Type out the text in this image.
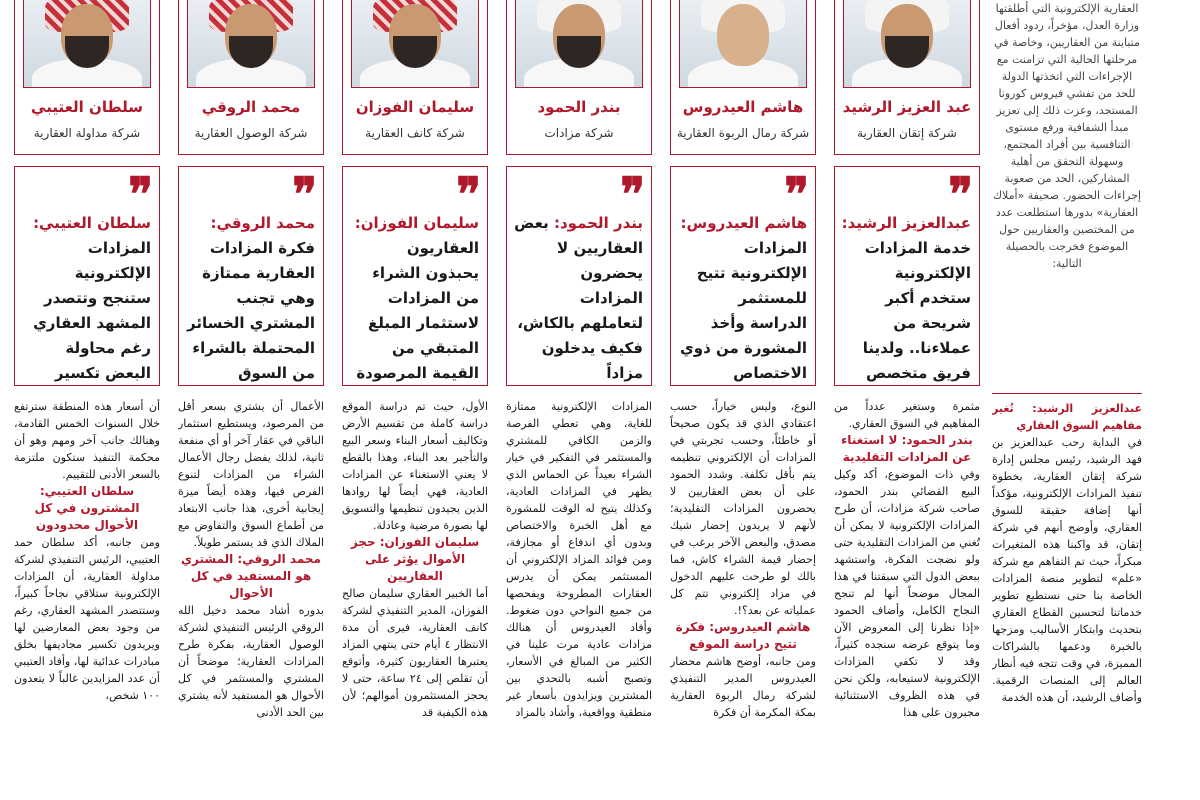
العقارية الإلكترونية التي أطلقتها وزارة العدل، مؤخراً، ردود أفعال متباينة من العقاريين، وخاصة في مرحلتها الحالية التي تزامنت مع الإجراءات التي اتخذتها الدولة للحد من تفشي فيروس كورونا المستجد، وعزت ذلك إلى تعزيز مبدأ الشفافية ورفع مستوى التنافسية بين أفراد المجتمع، وسهولة التحقق من أهلية المشاركين، الحد من صعوبة إجراءات الحضور. صحيفة «أملاك العقارية» بدورها استطلعت عدد من المختصين والعقاريين حول الموضوع فخرجت بالحصيلة التالية:
عبدالعزيز الرشيد: تُغير مفاهيم السوق العقاري
في البداية رحب عبدالعزيز بن فهد الرشيد، رئيس مجلس إدارة شركة إتقان العقارية، بخطوة تنفيذ المزادات الإلكترونية، مؤكداً أنها إضافة حقيقة للسوق العقاري، وأوضح أنهم في شركة إتقان، قد واكبنا هذه المتغيرات مبكراً، حيث تم التفاهم مع شركة «علم» لتطوير منصة المزادات الخاصة بنا حتى نستطيع تطوير خدماتنا لتحسين القطاع العقاري بتحديث وابتكار الأساليب ومزجها بالخبرة ودعمها بالشراكات المميزة، في وقت تتجه فيه أنظار العالم إلى المنصات الرقمية. وأضاف الرشيد، أن هذه الخدمة
عبد العزيز الرشيد
شركة إتقان العقارية
هاشم العيدروس
شركة رمال الربوة العقارية
بندر الحمود
شركة مزادات
سليمان الفوزان
شركة كانف العقارية
محمد الروقي
شركة الوصول العقارية
سلطان العتيبي
شركة مداولة العقارية
❞
عبدالعزيز الرشيد: خدمة المزادات الإلكترونية ستخدم أكبر شريحة من عملاءنا.. ولدينا فريق متخصص
❞
هاشم العيدروس: المزادات الإلكترونية تتيح للمستثمر الدراسة وأخذ المشورة من ذوي الاختصاص
❞
بندر الحمود: بعض العقاريين لا يحضرون المزادات لتعاملهم بالكاش، فكيف يدخلون مزاداً
❞
سليمان الفوزان: العقاريون يحبذون الشراء من المزادات لاستثمار المبلغ المتبقي من القيمة المرصودة
❞
محمد الروقي: فكرة المزادات العقارية ممتازة وهي تجنب المشتري الخسائر المحتملة بالشراء من السوق
❞
سلطان العتيبي: المزادات الإلكترونية ستنجح وتتصدر المشهد العقاري رغم محاولة البعض تكسير
مثمرة وستغير عدداً من المفاهيم في السوق العقاري.
بندر الحمود: لا استغناء عن المزادات التقليدية
وفي ذات الموضوع، أكد وكيل البيع القضائي بندر الحمود، صاحب شركة مزادات، أن طرح المزادات الإلكترونية لا يمكن أن تُغني من المزادات التقليدية حتى ولو نضجت الفكرة، واستشهد ببعض الدول التي سبقتنا في هذا المجال موضحاً أنها لم تنجح النجاح الكامل، وأضاف الحمود «إذا نظرنا إلى المعروض الآن وما يتوقع عرضه سنجده كثيراً، وقد لا تكفي المزادات الإلكترونية لاستيعابه، ولكن نحن في هذه الظروف الاستثنائية مجبرون على هذا
النوع، وليس خياراً، حسب اعتقادي الذي قد يكون صحيحاً أو خاطئاً، وحسب تجربتي في المزادات أن الإلكتروني تنظيمه يتم بأقل تكلفة. وشدد الحمود على أن بعض العقاريين لا يحضرون المزادات التقليدية؛ لأنهم لا يريدون إحضار شيك مصدق، والبعض الآخر يرغب في إحضار قيمة الشراء كاش، فما بالك لو طرحت عليهم الدخول في مزاد إلكتروني تتم كل عملياته عن بعد؟!.
هاشم العيدروس: فكرة تتيح دراسة الموقع
ومن جانبه، أوضح هاشم محضار العيدروس المدير التنفيذي لشركة رمال الربوة العقارية بمكة المكرمة أن فكرة
المزادات الإلكترونية ممتازة للغاية، وهي تعطي الفرصة والزمن الكافي للمشتري والمستثمر في التفكير في خيار الشراء بعيداً عن الحماس الذي يظهر في المزادات العادية، وكذلك يتيح له الوقت للمشورة مع أهل الخبرة والاختصاص وبدون أي اندفاع أو مجازفة، ومن فوائد المزاد الإلكتروني أن المستثمر يمكن أن يدرس العقارات المطروحة ويفحصها من جميع النواحي دون ضغوط. وأفاد العيدروس أن هنالك مزادات عادية مرت علينا في الكثير من المبالغ في الأسعار، وتصبح أشبه بالتحدي بين المشترين ويزايدون بأسعار غير منطقية وواقعية، وأشاد بالمزاد
الأول، حيث تم دراسة الموقع دراسة كاملة من تقسيم الأرض وتكاليف أسعار البناء وسعر البيع والتأجير بعد البناء، وهذا بالقطع لا يعني الاستغناء عن المزادات العادية، فهي أيضاً لها روادها الذين يجيدون تنظيمها والتسويق لها بصورة مرضية وعادلة.
سليمان الفوزان: حجز الأموال يؤثر على العقاريين
أما الخبير العقاري سليمان صالح الفوزان، المدير التنفيذي لشركة كانف العقارية، فيرى أن مدة الانتظار ٤ أيام حتى ينتهي المزاد يعتبرها العقاريون كثيرة، وأتوقع أن تقلص إلى ٢٤ ساعة، حتى لا يحجز المستثمرون أموالهم؛ لأن هذه الكيفية قد
الأعمال أن يشتري بسعر أقل من المرصود، ويستطيع استثمار الباقي في عقار آخر أو أي منفعة ثانية، لذلك يفضل رجال الأعمال الشراء من المزادات لتنوع الفرص فيها، وهذه أيضاً ميزة إيجابية أخرى، هذا جانب الابتعاد من أطماع السوق والتفاوض مع الملاك الذي قد يستمر طويلاً.
محمد الروقي: المشتري هو المستفيد في كل الأحوال
بدوره أشاد محمد دخيل الله الروقي الرئيس التنفيذي لشركة الوصول العقارية، بفكرة طرح المزادات العقارية؛ موضحاً أن المشتري والمستثمر في كل الأحوال هو المستفيد لأنه يشتري بين الحد الأدنى
أن أسعار هذه المنطقة سترتفع خلال السنوات الخمس القادمة، وهنالك جانب آخر ومهم وهو أن محكمة التنفيذ ستكون ملتزمة بالسعر الأدنى للتقييم.
سلطان العتيبي: المشترون في كل الأحوال محدودون
ومن جانبه، أكد سلطان حمد العتيبي، الرئيس التنفيذي لشركة مداولة العقارية، أن المزادات الإلكترونية ستلاقي نجاحاً كبيراً، وستتصدر المشهد العقاري، رغم من وجود بعض المعارضين لها ويريدون تكسير مجاديفها بخلق مبادرات عدائية لها، وأفاد العتيبي أن عدد المزايدين غالباً لا يتعدون ١٠٠ شخص،
